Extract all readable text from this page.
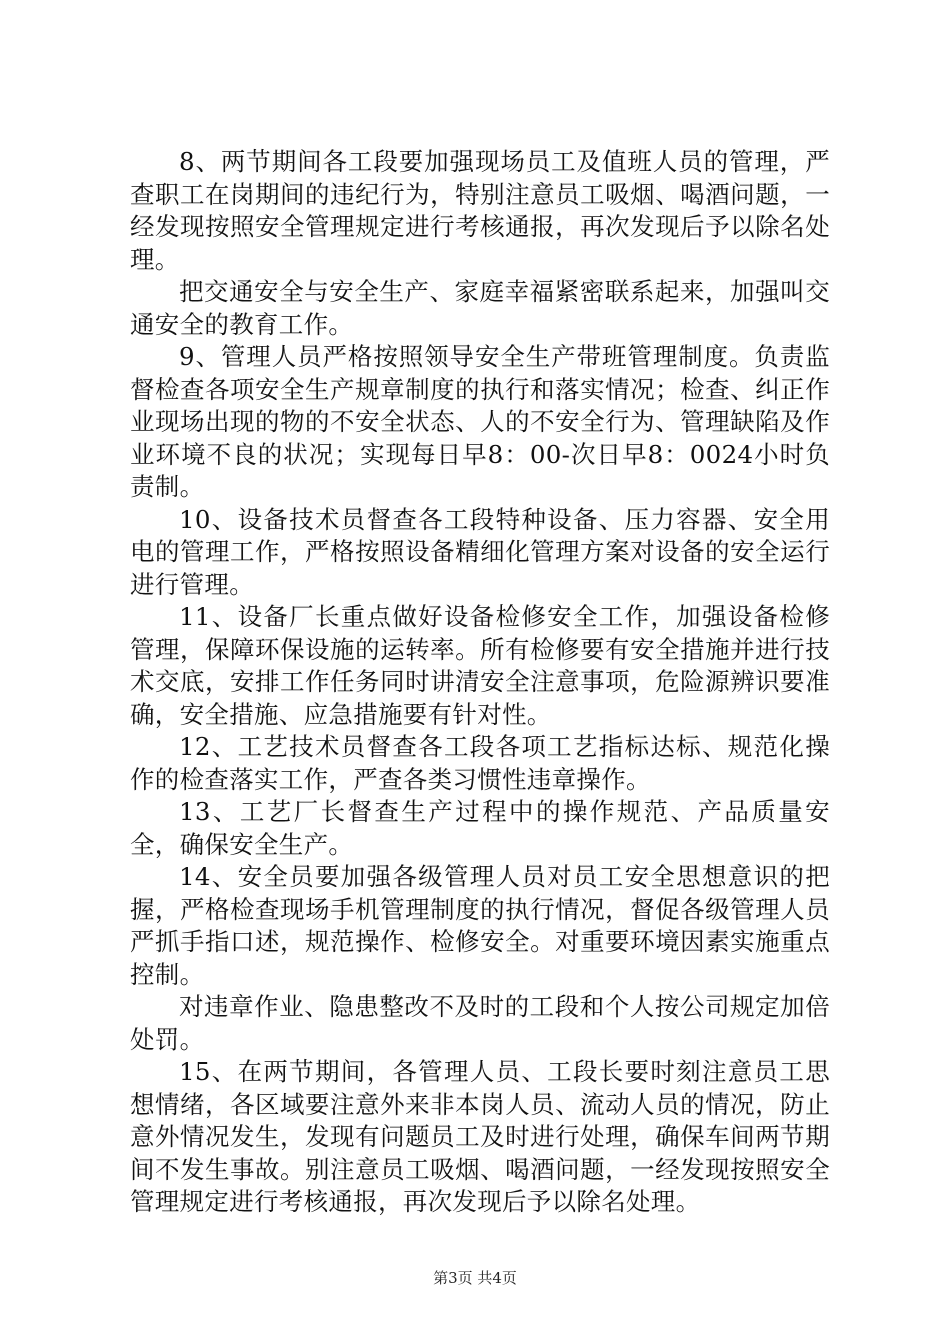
8、两节期间各工段要加强现场员工及值班人员的管理，严查职工在岗期间的违纪行为，特别注意员工吸烟、喝酒问题，一经发现按照安全管理规定进行考核通报，再次发现后予以除名处理。

把交通安全与安全生产、家庭幸福紧密联系起来，加强叫交通安全的教育工作。

9、管理人员严格按照领导安全生产带班管理制度。负责监督检查各项安全生产规章制度的执行和落实情况；检查、纠正作业现场出现的物的不安全状态、人的不安全行为、管理缺陷及作业环境不良的状况；实现每日早8：00-次日早8：0024小时负责制。

10、设备技术员督查各工段特种设备、压力容器、安全用电的管理工作，严格按照设备精细化管理方案对设备的安全运行进行管理。

11、设备厂长重点做好设备检修安全工作，加强设备检修管理，保障环保设施的运转率。所有检修要有安全措施并进行技术交底，安排工作任务同时讲清安全注意事项，危险源辨识要准确，安全措施、应急措施要有针对性。

12、工艺技术员督查各工段各项工艺指标达标、规范化操作的检查落实工作，严查各类习惯性违章操作。

13、工艺厂长督查生产过程中的操作规范、产品质量安全，确保安全生产。

14、安全员要加强各级管理人员对员工安全思想意识的把握，严格检查现场手机管理制度的执行情况，督促各级管理人员严抓手指口述，规范操作、检修安全。对重要环境因素实施重点控制。

对违章作业、隐患整改不及时的工段和个人按公司规定加倍处罚。

15、在两节期间，各管理人员、工段长要时刻注意员工思想情绪，各区域要注意外来非本岗人员、流动人员的情况，防止意外情况发生，发现有问题员工及时进行处理，确保车间两节期间不发生事故。别注意员工吸烟、喝酒问题，一经发现按照安全管理规定进行考核通报，再次发现后予以除名处理。

第3页 共4页
